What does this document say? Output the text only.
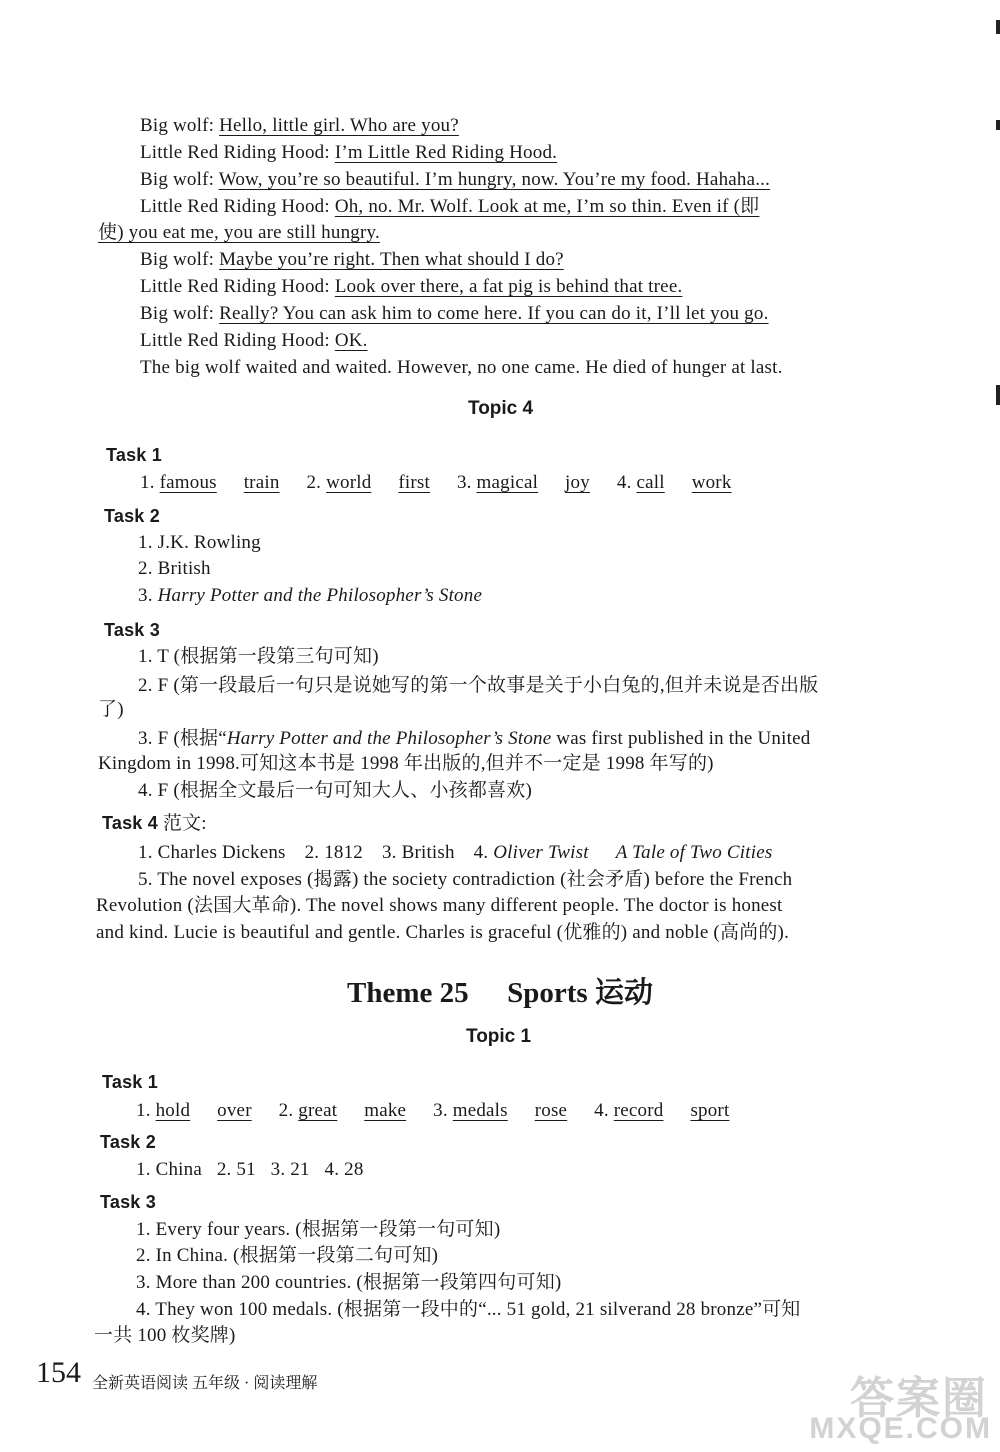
Big wolf: Hello, little girl. Who are you?
Little Red Riding Hood: I’m Little Red Riding Hood.
Big wolf: Wow, you’re so beautiful. I’m hungry, now. You’re my food. Hahaha...
Little Red Riding Hood: Oh, no. Mr. Wolf. Look at me, I’m so thin. Even if (即
使) you eat me, you are still hungry.
Big wolf: Maybe you’re right. Then what should I do?
Little Red Riding Hood: Look over there, a fat pig is behind that tree.
Big wolf: Really? You can ask him to come here. If you can do it, I’ll let you go.
Little Red Riding Hood: OK.
The big wolf waited and waited. However, no one came. He died of hunger at last.
Topic 4
Task 1
1. famous train 2. world first 3. magical joy 4. call work
Task 2
1. J.K. Rowling
2. British
3. Harry Potter and the Philosopher’s Stone
Task 3
1. T (根据第一段第三句可知)
2. F (第一段最后一句只是说她写的第一个故事是关于小白兔的,但并未说是否出版
了)
3. F (根据“Harry Potter and the Philosopher’s Stone was first published in the United
Kingdom in 1998.可知这本书是 1998 年出版的,但并不一定是 1998 年写的)
4. F (根据全文最后一句可知大人、小孩都喜欢)
Task 4 范文:
1. Charles Dickens 2. 1812 3. British 4. Oliver Twist A Tale of Two Cities
5. The novel exposes (揭露) the society contradiction (社会矛盾) before the French
Revolution (法国大革命). The novel shows many different people. The doctor is honest
and kind. Lucie is beautiful and gentle. Charles is graceful (优雅的) and noble (高尚的).
Theme 25 Sports 运动
Topic 1
Task 1
1. hold over 2. great make 3. medals rose 4. record sport
Task 2
1. China   2. 51   3. 21   4. 28
Task 3
1. Every four years. (根据第一段第一句可知)
2. In China. (根据第一段第二句可知)
3. More than 200 countries. (根据第一段第四句可知)
4. They won 100 medals. (根据第一段中的“... 51 gold, 21 silverand 28 bronze”可知
一共 100 枚奖牌)
154 全新英语阅读 五年级 · 阅读理解	答案圈
MXQE.COM
